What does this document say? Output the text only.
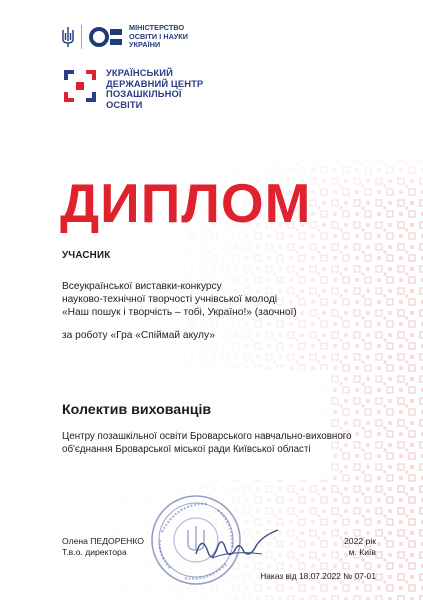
МІНІСТЕРСТВО
ОСВІТИ І НАУКИ
УКРАЇНИ
УКРАЇНСЬКИЙ
ДЕРЖАВНИЙ ЦЕНТР
ПОЗАШКІЛЬНОЇ
ОСВІТИ
ДИПЛОМ
УЧАСНИК
Всеукраїнської виставки-конкурсу
науково-технічної творчості учнівської молоді
«Наш пошук і творчість – тобі, Україно!» (заочної)
за роботу «Гра «Спіймай акулу»
Колектив вихованців
Центру позашкільної освіти Броварського навчально-виховного
об'єднання Броварської міської ради Київської області
Олена ПЕДОРЕНКО
Т.в.о. директора
2022 рік
м. Київ
Наказ від 18.07.2022 № 07-01
